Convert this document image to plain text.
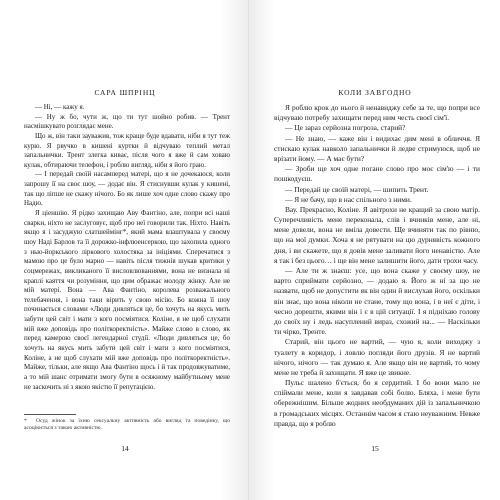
САРА ШПРІНЦ

— Ні, — кажу я.

— Ну ж бо, чути ж, що ти тут шойно робив. — Трент насмішкувато розглядає мене.

Що ж, він таки зауважив, тож краще буде вдавати, ніби я тут теж курю. Я рвучко в кишені куртки й відчуваю теплий метал запальнички. Трент злегка киває, після чого я вже й сам ховаю кулак, обтираючи телефон, і роблю вигляд, ніби я його граю.

— І передай своїй насамперед матері, що я не дочекаюся, коли запрошу її на своє шоу, — додає він. Я стиснувши кулак у кишені, так що ліпше не скажу нічого. Бо як лише хоч одне слово скажу про Надю.

Я ціеншію. Я рідко захищаю Аву Фантіно, але, попри всі наші сварки, ніхто не заслуговує, щоб про неї говорили так. Ніхто. Навіть якщо я і засуджую слатшеймінг*, який мама влаштувала у своєму шоу Наді Барлов та її дорожко-інфлюенсеркою, що захопила одного з нью-йоркського ліркового холостяка за ініціями. Сперечатися з мамою про це було марно — навіть після тижнів шукав критики у соцмережах, викликаного її висловлюваннями, вона не визнала ні краплі каяття чи розуміння, що цим ображає молоду жінку. Але не мій матері. Вона — Ава Фантіно, королева розважального телебачення, і вона таки вірить у свою місію. Бо кожна її шоу починається словами «Люди дивляться це, бо хочуть на якусь мить забути цей світ і мати з кого посміятися. Коліне, я не щоб слухати мій вже доповідь про політкоректність». Майже слово в слово, як перед камерою своєї легендарної студії. «Люди дивляться це, бо хочуть на якусь мить забути цей світ і мати з кого посміятися, Коліне, а не щоб слухати мій вже доповідь про політкоректність». Майже, тільки, але якщо Ава Фантіно щось і й так продовжуватиме, а то мій шанс отримати змогу бути в осяжному майбутньому мене не заскочить ні з якою якістю її репутацією.

* Осуд жінок за їхню сексуальну активність або вигляд та поведінку, що асоціюється з такою активністю.
14
КОЛИ ЗАВГОДНО

Я роблю крок до нього й ненавиджу себе за те, що попри все відчуваю потребу захищати перед ним честь своєї сім'ї.

— Це зараз серйозна погроза, старий?

— Не знаю, — каже він і видихає дим мені в обличчя. Я стискаю кулак навколо запальнички й ледве стримуюся, щоб не врізати йому. — А має бути?

— Зроби ще хоч одне погане слово про моє сім'ю — і ти пошкодуєш.

— Передай це своїй матері, — шипить Трент.

— Я не бачу, що в нас спільного з ними.

Вау. Прекрасно, Коліне. Я авітрохи не кращий за свою матір. Суперечливість мене переконала, слів і вчинків мене, але ні, мене довели, вона не вміла довести. Ще вчиняти так по рівню, що на мої думки. Хоча я не рятувати на цю дурнявість кожного дня, і ви скажете, що я довів мене заливати його ненавістю. Але я так і без цього… і ще він мене залишити його, дати трохи часу.

— Але ти ж знаєш: усе, що вона скаже у своєму шоу, не варто сприймати серйозно, — додаю я. Його ж ні за що не назвати, щоб не допустити як він один й вислухав його, оскільки він знає, що вона ніколи не стане, тому що вона, і в неї є діти, і чесно дорешти, якими він і є в цій ситуації. І я підніхаю голову до своїх ну і ледь насуплений вираз, схожий на... — Наскільки ти чірко, Тренте.

Старий, він цього не вартий, — чую я, коли виходжу з туалету в коридор, і ловлю погляди його друзів. Я не вартий нічого, нічого — так думаю я. Але якщо він не вартий, то чому мене не треба й захищати. Я вже це звикне.

Пульс шалено б'ється, бо я сердитий. І бо вони мало не спіймали мене, коли я завдавав собі болю. Бляха, і мене бути обережнішим. Більше жодних необдуманих дій із запальничкою в громадських місцях. Останнім часом я стаю неуважним. Невже правда, що я роблю

15
